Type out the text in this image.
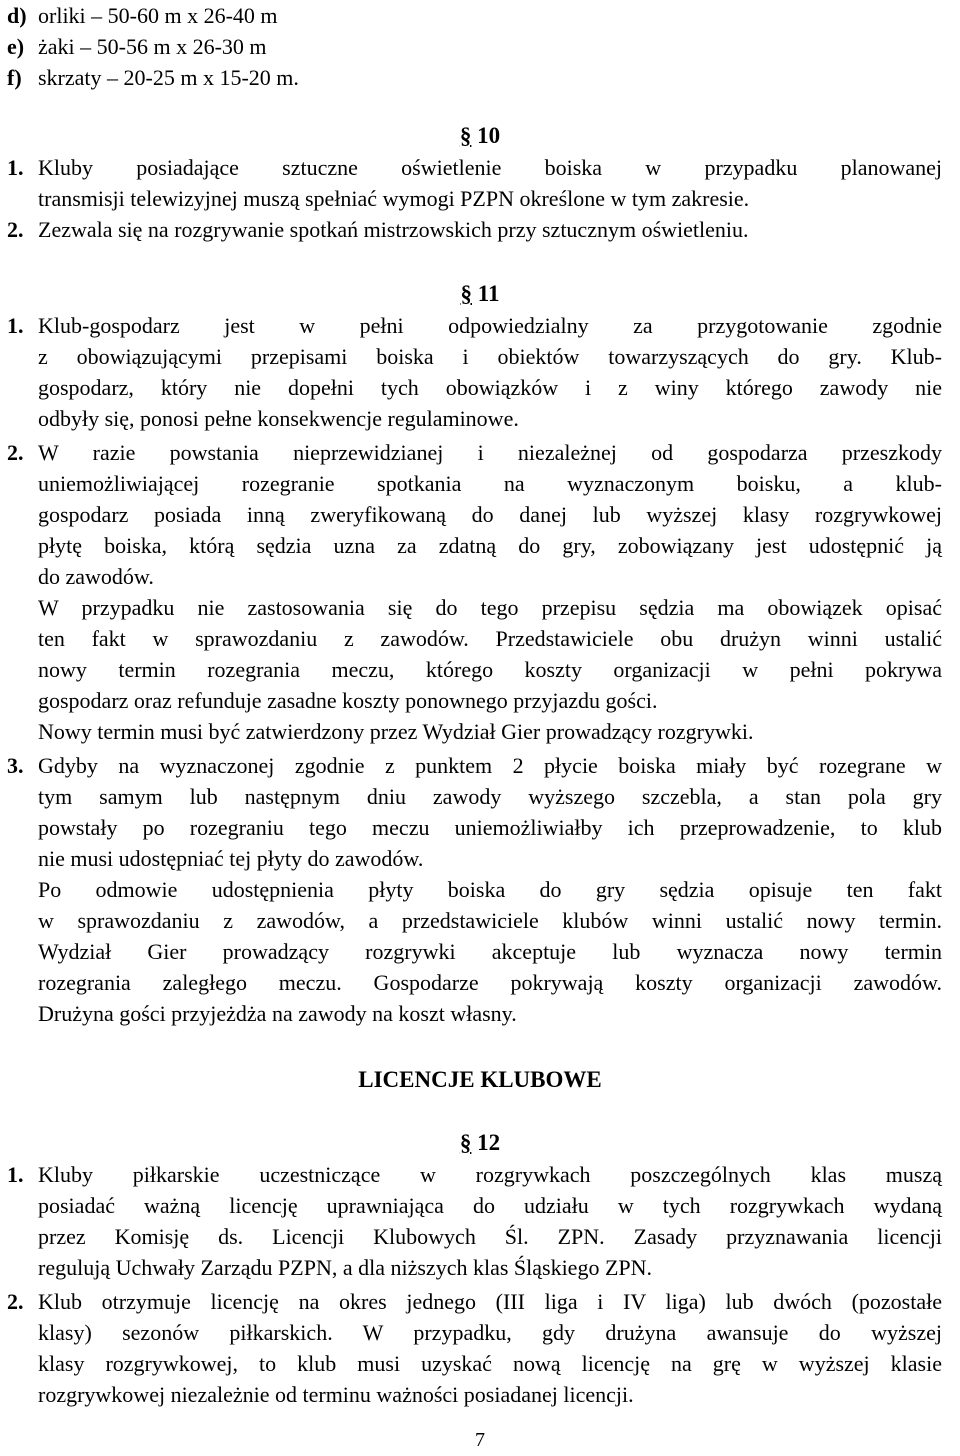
d) orliki – 50-60 m x 26-40 m
e) żaki – 50-56 m x 26-30 m
f) skrzaty – 20-25 m x 15-20 m.
§ 10
1. Kluby posiadające sztuczne oświetlenie boiska w przypadku planowanej
transmisji telewizyjnej muszą spełniać wymogi PZPN określone w tym zakresie.
2. Zezwala się na rozgrywanie spotkań mistrzowskich przy sztucznym oświetleniu.
§ 11
1. Klub-gospodarz jest w pełni odpowiedzialny za przygotowanie zgodnie
z obowiązującymi przepisami boiska i obiektów towarzyszących do gry. Klub-
gospodarz, który nie dopełni tych obowiązków i z winy którego zawody nie
odbyły się, ponosi pełne konsekwencje regulaminowe.
2. W razie powstania nieprzewidzianej i niezależnej od gospodarza przeszkody
uniemożliwiającej rozegranie spotkania na wyznaczonym boisku, a klub-
gospodarz posiada inną zweryfikowaną do danej lub wyższej klasy rozgrywkowej
płytę boiska, którą sędzia uzna za zdatną do gry, zobowiązany jest udostępnić ją
do zawodów.
W przypadku nie zastosowania się do tego przepisu sędzia ma obowiązek opisać
ten fakt w sprawozdaniu z zawodów. Przedstawiciele obu drużyn winni ustalić
nowy termin rozegrania meczu, którego koszty organizacji w pełni pokrywa
gospodarz oraz refunduje zasadne koszty ponownego przyjazdu gości.
Nowy termin musi być zatwierdzony przez Wydział Gier prowadzący rozgrywki.
3. Gdyby na wyznaczonej zgodnie z punktem 2 płycie boiska miały być rozegrane w
tym samym lub następnym dniu zawody wyższego szczebla, a stan pola gry
powstały po rozegraniu tego meczu uniemożliwiałby ich przeprowadzenie, to klub
nie musi udostępniać tej płyty do zawodów.
Po odmowie udostępnienia płyty boiska do gry sędzia opisuje ten fakt
w sprawozdaniu z zawodów, a przedstawiciele klubów winni ustalić nowy termin.
Wydział Gier prowadzący rozgrywki akceptuje lub wyznacza nowy termin
rozegrania zaległego meczu. Gospodarze pokrywają koszty organizacji zawodów.
Drużyna gości przyjeżdża na zawody na koszt własny.
LICENCJE KLUBOWE
§ 12
1. Kluby piłkarskie uczestniczące w rozgrywkach poszczególnych klas muszą
posiadać ważną licencję uprawniająca do udziału w tych rozgrywkach wydaną
przez Komisję ds. Licencji Klubowych Śl. ZPN. Zasady przyznawania licencji
regulują Uchwały Zarządu PZPN, a dla niższych klas Śląskiego ZPN.
2. Klub otrzymuje licencję na okres jednego (III liga i IV liga) lub dwóch (pozostałe
klasy) sezonów piłkarskich. W przypadku, gdy drużyna awansuje do wyższej
klasy rozgrywkowej, to klub musi uzyskać nową licencję na grę w wyższej klasie
rozgrywkowej niezależnie od terminu ważności posiadanej licencji.
7
